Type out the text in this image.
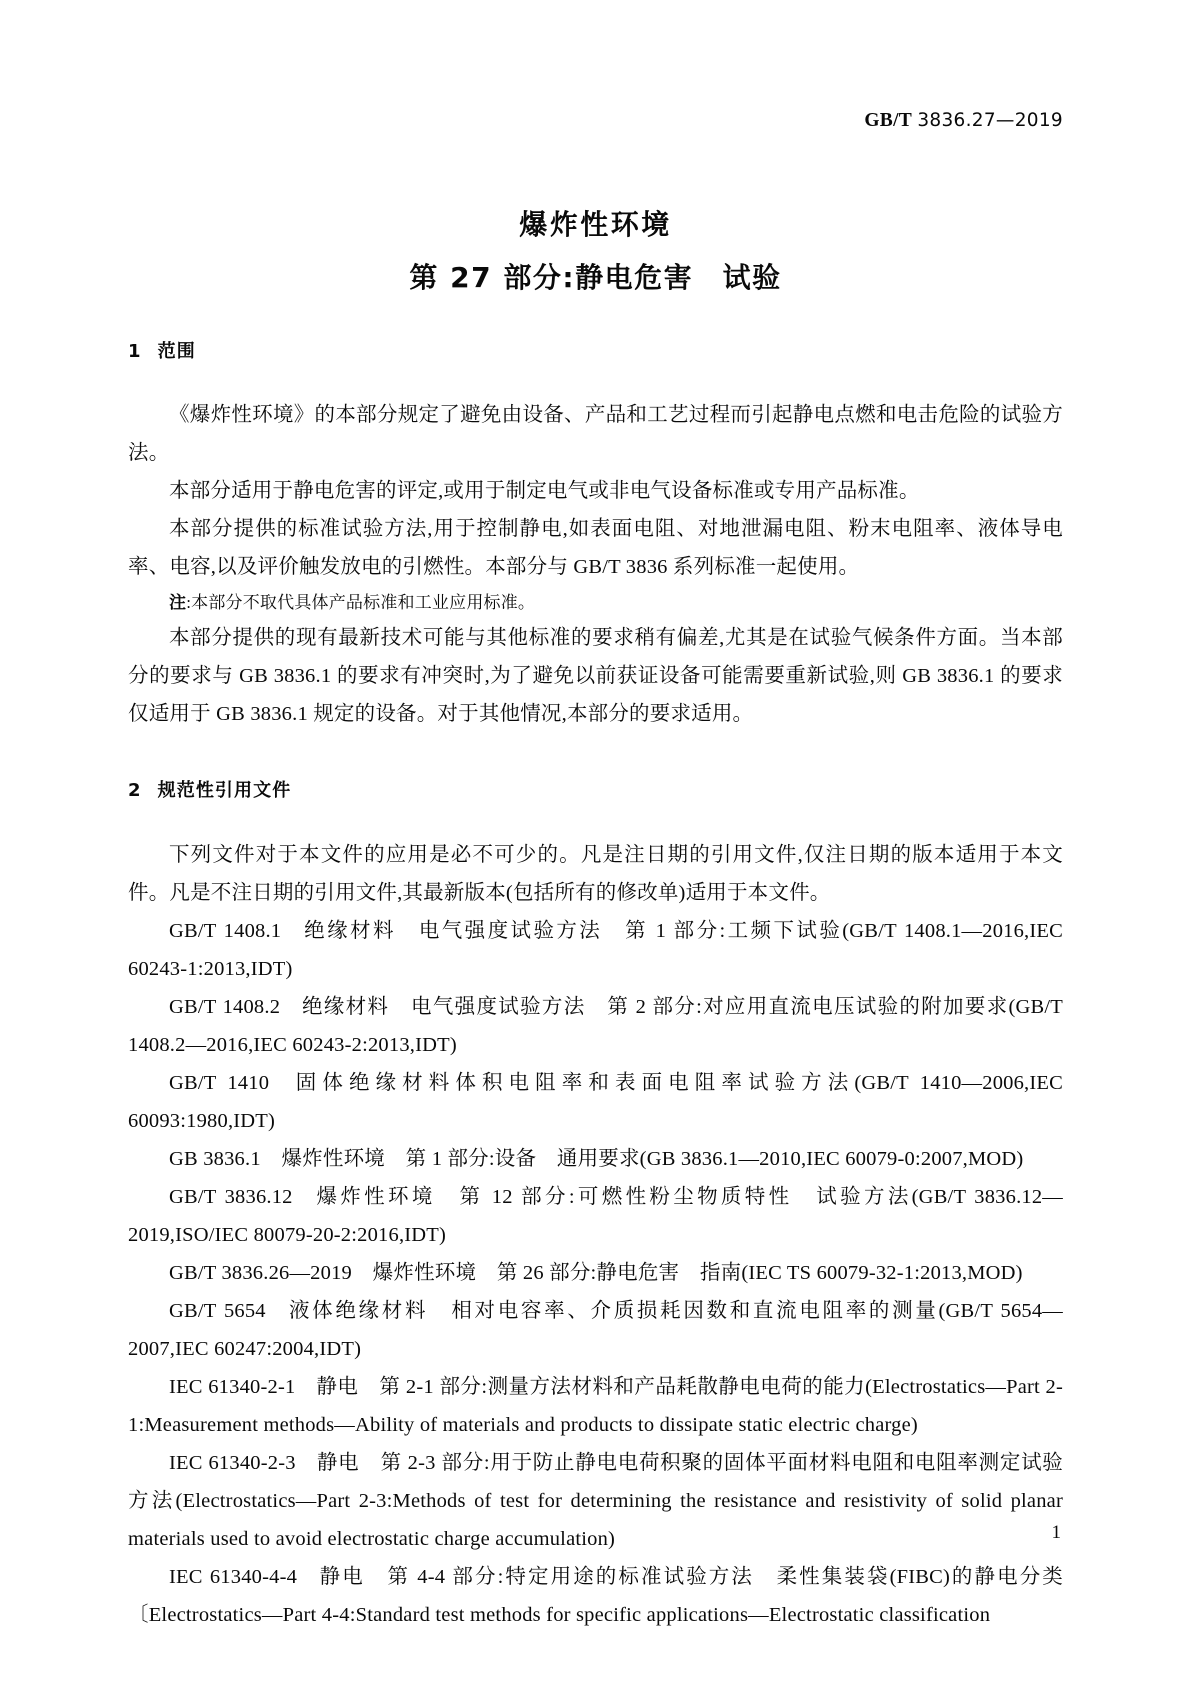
GB/T 3836.27—2019
爆炸性环境
第 27 部分:静电危害 试验
1 范围

《爆炸性环境》的本部分规定了避免由设备、产品和工艺过程而引起静电点燃和电击危险的试验方法。

本部分适用于静电危害的评定,或用于制定电气或非电气设备标准或专用产品标准。

本部分提供的标准试验方法,用于控制静电,如表面电阻、对地泄漏电阻、粉末电阻率、液体导电率、电容,以及评价触发放电的引燃性。本部分与 GB/T 3836 系列标准一起使用。

注:本部分不取代具体产品标准和工业应用标准。

本部分提供的现有最新技术可能与其他标准的要求稍有偏差,尤其是在试验气候条件方面。当本部分的要求与 GB 3836.1 的要求有冲突时,为了避免以前获证设备可能需要重新试验,则 GB 3836.1 的要求仅适用于 GB 3836.1 规定的设备。对于其他情况,本部分的要求适用。

2 规范性引用文件

下列文件对于本文件的应用是必不可少的。凡是注日期的引用文件,仅注日期的版本适用于本文件。凡是不注日期的引用文件,其最新版本(包括所有的修改单)适用于本文件。

GB/T 1408.1 绝缘材料 电气强度试验方法 第 1 部分:工频下试验(GB/T 1408.1—2016,IEC 60243-1:2013,IDT)

GB/T 1408.2 绝缘材料 电气强度试验方法 第 2 部分:对应用直流电压试验的附加要求(GB/T 1408.2—2016,IEC 60243-2:2013,IDT)

GB/T 1410 固体绝缘材料体积电阻率和表面电阻率试验方法(GB/T 1410—2006,IEC 60093:1980,IDT)

GB 3836.1 爆炸性环境 第 1 部分:设备 通用要求(GB 3836.1—2010,IEC 60079-0:2007,MOD)

GB/T 3836.12 爆炸性环境 第 12 部分:可燃性粉尘物质特性 试验方法(GB/T 3836.12—2019,ISO/IEC 80079-20-2:2016,IDT)

GB/T 3836.26—2019 爆炸性环境 第 26 部分:静电危害 指南(IEC TS 60079-32-1:2013,MOD)

GB/T 5654 液体绝缘材料 相对电容率、介质损耗因数和直流电阻率的测量(GB/T 5654—2007,IEC 60247:2004,IDT)

IEC 61340-2-1 静电 第 2-1 部分:测量方法材料和产品耗散静电电荷的能力(Electrostatics—Part 2-1:Measurement methods—Ability of materials and products to dissipate static electric charge)

IEC 61340-2-3 静电 第 2-3 部分:用于防止静电电荷积聚的固体平面材料电阻和电阻率测定试验方法(Electrostatics—Part 2-3:Methods of test for determining the resistance and resistivity of solid planar materials used to avoid electrostatic charge accumulation)

IEC 61340-4-4 静电 第 4-4 部分:特定用途的标准试验方法 柔性集装袋(FIBC)的静电分类〔Electrostatics—Part 4-4:Standard test methods for specific applications—Electrostatic classification

1
